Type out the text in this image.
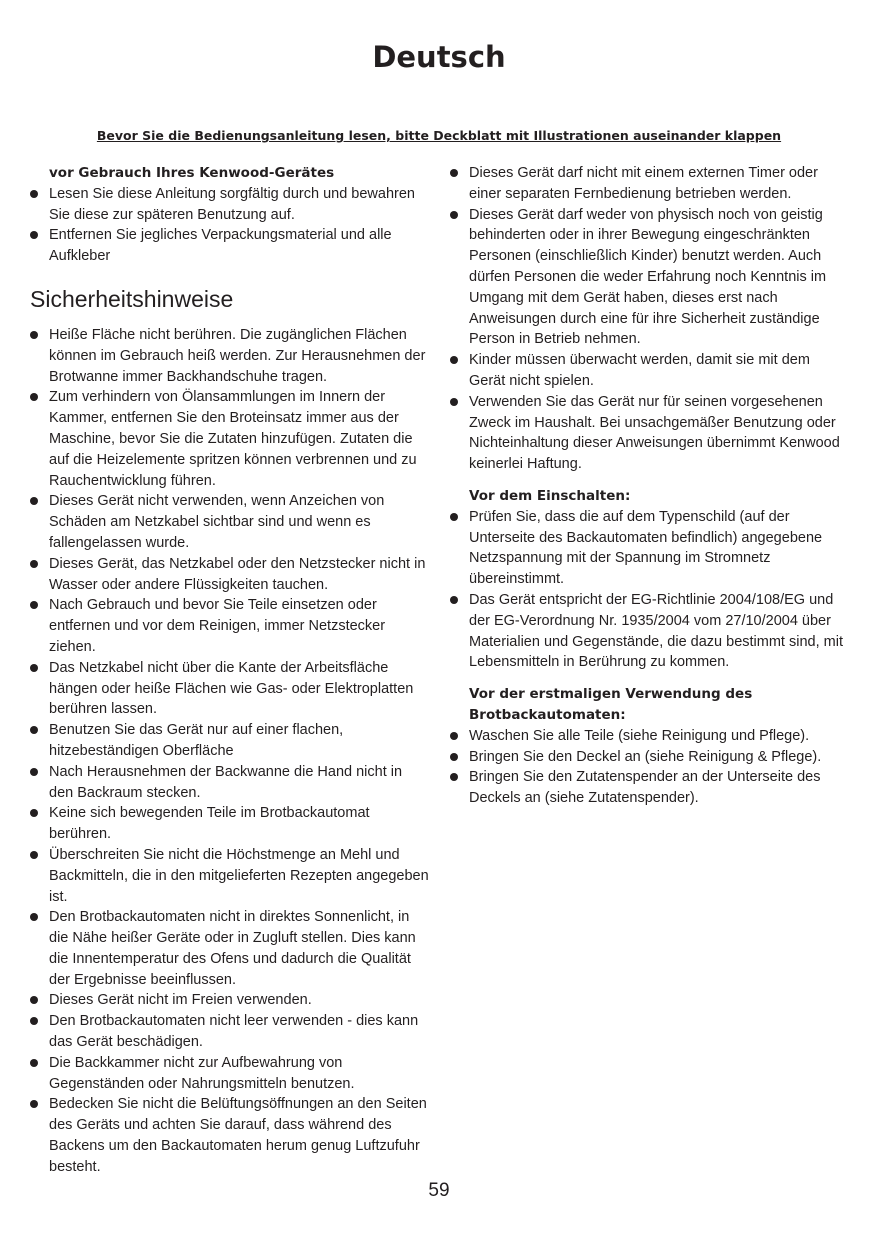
Deutsch

Bevor Sie die Bedienungsanleitung lesen, bitte Deckblatt mit Illustrationen auseinander klappen

vor Gebrauch Ihres Kenwood-Gerätes

Lesen Sie diese Anleitung sorgfältig durch und bewahren Sie diese zur späteren Benutzung auf.
Entfernen Sie jegliches Verpackungsmaterial und alle Aufkleber
Sicherheitshinweise
Heiße Fläche nicht berühren. Die zugänglichen Flächen können im Gebrauch heiß werden. Zur Herausnehmen der Brotwanne immer Backhandschuhe tragen.
Zum verhindern von Ölansammlungen im Innern der Kammer, entfernen Sie den Broteinsatz immer aus der Maschine, bevor Sie die Zutaten hinzufügen. Zutaten die auf die Heizelemente spritzen können verbrennen und zu Rauchentwicklung führen.
Dieses Gerät nicht verwenden, wenn Anzeichen von Schäden am Netzkabel sichtbar sind und wenn es fallengelassen wurde.
Dieses Gerät, das Netzkabel oder den Netzstecker nicht in Wasser oder andere Flüssigkeiten tauchen.
Nach Gebrauch und bevor Sie Teile einsetzen oder entfernen und vor dem Reinigen, immer Netzstecker ziehen.
Das Netzkabel nicht über die Kante der Arbeitsfläche hängen oder heiße Flächen wie Gas- oder Elektroplatten berühren lassen.
Benutzen Sie das Gerät nur auf einer flachen, hitzebeständigen Oberfläche
Nach Herausnehmen der Backwanne die Hand nicht in den Backraum stecken.
Keine sich bewegenden Teile im Brotbackautomat berühren.
Überschreiten Sie nicht die Höchstmenge an Mehl und Backmitteln, die in den mitgelieferten Rezepten angegeben ist.
Den Brotbackautomaten nicht in direktes Sonnenlicht, in die Nähe heißer Geräte oder in Zugluft stellen. Dies kann die Innentemperatur des Ofens und dadurch die Qualität der Ergebnisse beeinflussen.
Dieses Gerät nicht im Freien verwenden.
Den Brotbackautomaten nicht leer verwenden - dies kann das Gerät beschädigen.
Die Backkammer nicht zur Aufbewahrung von Gegenständen oder Nahrungsmitteln benutzen.
Bedecken Sie nicht die Belüftungsöffnungen an den Seiten des Geräts und achten Sie darauf, dass während des Backens um den Backautomaten herum genug Luftzufuhr besteht.
Dieses Gerät darf nicht mit einem externen Timer oder einer separaten Fernbedienung betrieben werden.
Dieses Gerät darf weder von physisch noch von geistig behinderten oder in ihrer Bewegung eingeschränkten Personen (einschließlich Kinder) benutzt werden. Auch dürfen Personen die weder Erfahrung noch Kenntnis im Umgang mit dem Gerät haben, dieses erst nach Anweisungen durch eine für ihre Sicherheit zuständige Person in Betrieb nehmen.
Kinder müssen überwacht werden, damit sie mit dem Gerät nicht spielen.
Verwenden Sie das Gerät nur für seinen vorgesehenen Zweck im Haushalt. Bei unsachgemäßer Benutzung oder Nichteinhaltung dieser Anweisungen übernimmt Kenwood keinerlei Haftung.

Vor dem Einschalten:

Prüfen Sie, dass die auf dem Typenschild (auf der Unterseite des Backautomaten befindlich) angegebene Netzspannung mit der Spannung im Stromnetz übereinstimmt.
Das Gerät entspricht der EG-Richtlinie 2004/108/EG und der EG-Verordnung Nr. 1935/2004 vom 27/10/2004 über Materialien und Gegenstände, die dazu bestimmt sind, mit Lebensmitteln in Berührung zu kommen.

Vor der erstmaligen Verwendung des
Brotbackautomaten:

Waschen Sie alle Teile (siehe Reinigung und Pflege).
Bringen Sie den Deckel an (siehe Reinigung & Pflege).
Bringen Sie den Zutatenspender an der Unterseite des Deckels an (siehe Zutatenspender).
59
